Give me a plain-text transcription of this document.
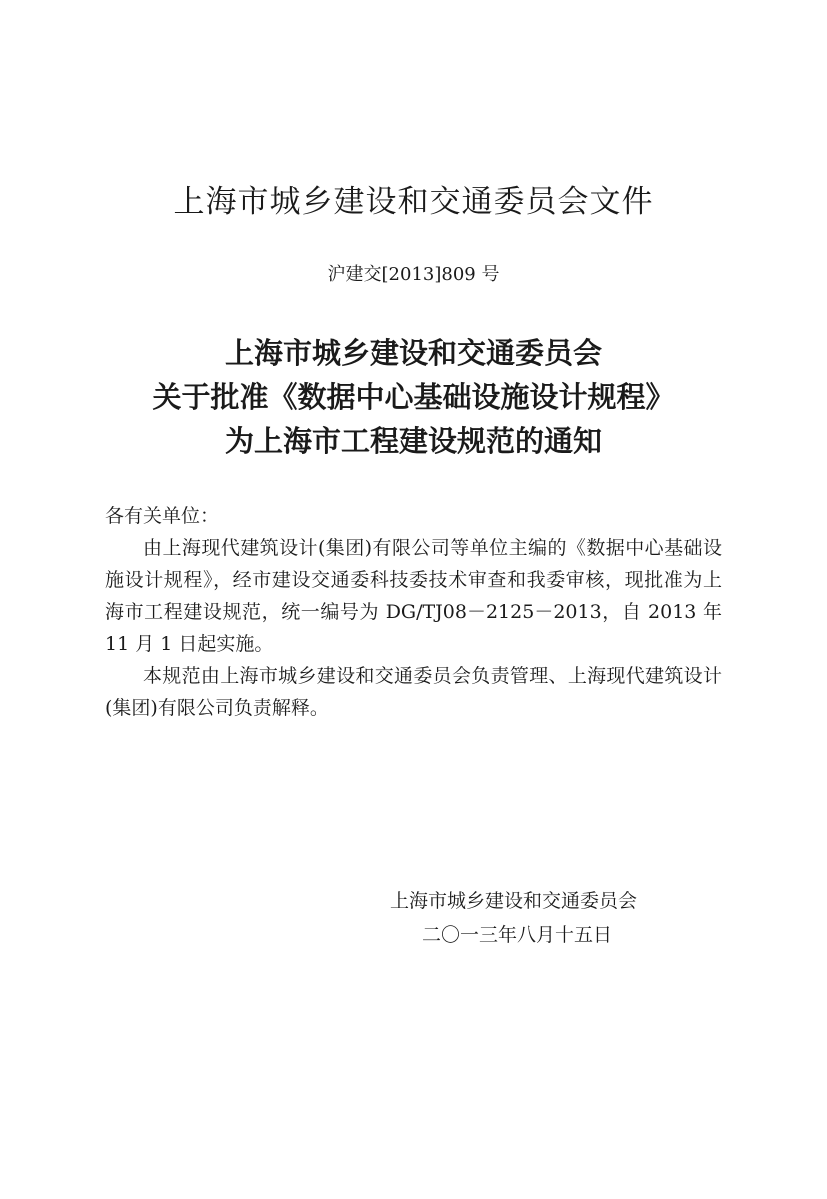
上海市城乡建设和交通委员会文件
沪建交[2013]809 号
上海市城乡建设和交通委员会
关于批准《数据中心基础设施设计规程》
为上海市工程建设规范的通知

各有关单位：

由上海现代建筑设计(集团)有限公司等单位主编的《数据中心基础设施设计规程》，经市建设交通委科技委技术审查和我委审核，现批准为上海市工程建设规范，统一编号为 DG/TJ08－2125－2013，自 2013 年 11 月 1 日起实施。

本规范由上海市城乡建设和交通委员会负责管理、上海现代建筑设计(集团)有限公司负责解释。

上海市城乡建设和交通委员会
二〇一三年八月十五日
